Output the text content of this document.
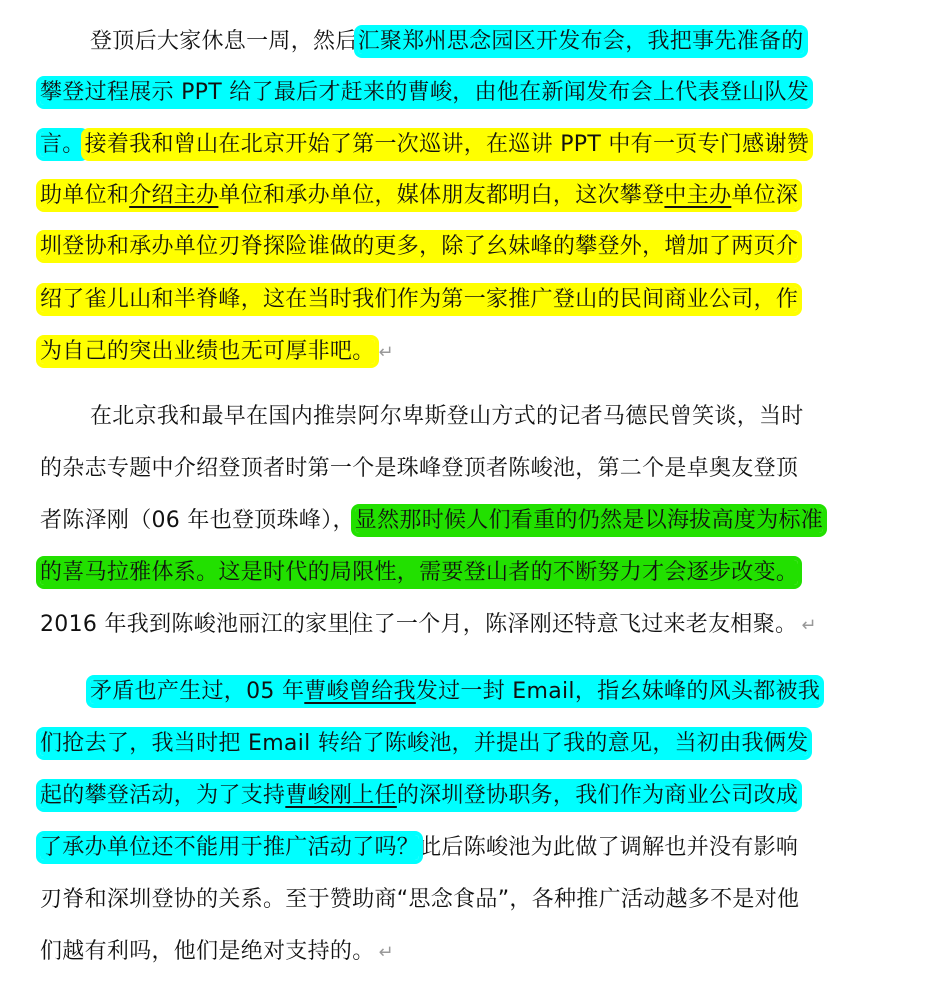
8264.co
登顶后大家休息一周，然后汇聚郑州思念园区开发布会，我把事先准备的
攀登过程展示 PPT 给了最后才赶来的曹峻，由他在新闻发布会上代表登山队发
言。接着我和曾山在北京开始了第一次巡讲，在巡讲 PPT 中有一页专门感谢赞
助单位和介绍主办单位和承办单位，媒体朋友都明白，这次攀登中主办单位深
圳登协和承办单位刃脊探险谁做的更多，除了幺妹峰的攀登外，增加了两页介
绍了雀儿山和半脊峰，这在当时我们作为第一家推广登山的民间商业公司，作
为自己的突出业绩也无可厚非吧。 ↵
在北京我和最早在国内推崇阿尔卑斯登山方式的记者马德民曾笑谈，当时
的杂志专题中介绍登顶者时第一个是珠峰登顶者陈峻池，第二个是卓奥友登顶
者陈泽刚（06 年也登顶珠峰），显然那时候人们看重的仍然是以海拔高度为标准
的喜马拉雅体系。这是时代的局限性，需要登山者的不断努力才会逐步改变。
2016 年我到陈峻池丽江的家里住了一个月，陈泽刚还特意飞过来老友相聚。 ↵
矛盾也产生过，05 年曹峻曾给我发过一封 Email，指幺妹峰的风头都被我
们抢去了，我当时把 Email 转给了陈峻池，并提出了我的意见，当初由我俩发
起的攀登活动，为了支持曹峻刚上任的深圳登协职务，我们作为商业公司改成
了承办单位还不能用于推广活动了吗？此后陈峻池为此做了调解也并没有影响
刃脊和深圳登协的关系。至于赞助商“思念食品”，各种推广活动越多不是对他
们越有利吗，他们是绝对支持的。 ↵
